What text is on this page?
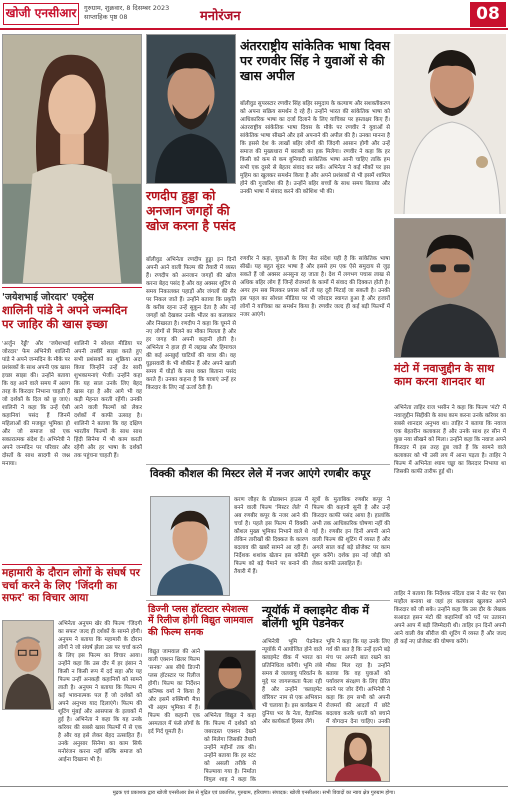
खोजी एनसीआर	गुरुग्राम, शुक्रवार, 8 दिसम्बर 2023
साप्ताहिक पृष्ठ 08	मनोरंजन	08
रणदीप हुड्डा को अनजान जगहों की खोज करना है पसंद
बॉलीवुड अभिनेता रणदीप हुड्डा इन दिनों अपनी आने वाली फिल्म की तैयारी में व्यस्त हैं। रणदीप को अनजान जगहों की खोज करना बेहद पसंद है और वह अक्सर शूटिंग से समय निकालकर पहाड़ों और जंगलों की सैर पर निकल जाते हैं। उन्होंने बताया कि प्रकृति के करीब रहना उन्हें सुकून देता है और नई जगहों को देखकर उनके भीतर का कलाकार और निखरता है। रणदीप ने कहा कि घूमने से नए लोगों से मिलने का मौका मिलता है और हर जगह की अपनी कहानी होती है। अभिनेता ने हाल ही में लद्दाख और हिमाचल की कई अनछुई घाटियों की यात्रा की। वह घुड़सवारी के भी शौकीन हैं और अपने खाली समय में घोड़ों के साथ वक्त बिताना पसंद करते हैं। उनका कहना है कि यात्राएं उन्हें हर किरदार के लिए नई ऊर्जा देती हैं।
अंतरराष्ट्रीय सांकेतिक भाषा दिवस पर रणवीर सिंह ने युवाओं से की खास अपील
बॉलीवुड सुपरस्टार रणवीर सिंह बहिर समुदाय के कल्याण और सशक्तीकरण को अपना सक्रिय समर्थन दे रहे हैं। उन्होंने भारत की सांकेतिक भाषा को आधिकारिक भाषा का दर्जा दिलाने के लिए याचिका पर हस्ताक्षर किए हैं। अंतरराष्ट्रीय सांकेतिक भाषा दिवस के मौके पर रणवीर ने युवाओं से सांकेतिक भाषा सीखने और इसे अपनाने की अपील की है। उनका मानना है कि इससे देश के लाखों बहिर लोगों की जिंदगी आसान होगी और उन्हें समाज की मुख्यधारा में बराबरी का हक मिलेगा। रणवीर ने कहा कि हर किसी को कम से कम बुनियादी सांकेतिक भाषा आनी चाहिए ताकि हम सभी एक दूसरे से बेहतर संवाद कर सकें। अभिनेता ने कई मौकों पर इस मुहिम का खुलकर समर्थन किया है और अपने प्रशंसकों से भी इसमें शामिल होने की गुजारिश की है। उन्होंने बहिर बच्चों के साथ समय बिताया और उनकी भाषा में संवाद करने की कोशिश भी की।
रणवीर ने कहा, युवाओं के लिए मेरा संदेश यही है कि सांकेतिक भाषा सीखें। यह बहुत सुंदर भाषा है और इससे हम एक ऐसे समुदाय से जुड़ सकते हैं जो अक्सर अनसुना रह जाता है। देश में लगभग पचास लाख से अधिक बहिर लोग हैं जिन्हें रोजमर्रा के कामों में संवाद की दिक्कत होती है। अगर हम सब मिलकर प्रयास करें तो यह दूरी मिटाई जा सकती है। उनकी इस पहल का सोशल मीडिया पर भी जोरदार स्वागत हुआ है और हजारों लोगों ने याचिका का समर्थन किया है। रणवीर जल्द ही कई बड़ी फिल्मों में नजर आएंगे।
मंटो में नवाजुद्दीन के साथ काम करना शानदार था
अभिनेता ताहिर राज भसीन ने कहा कि फिल्म 'मंटो' में नवाजुद्दीन सिद्दीकी के साथ काम करना उनके करियर का सबसे शानदार अनुभव था। ताहिर ने बताया कि नवाज एक बेहतरीन कलाकार हैं और उनके साथ हर सीन में कुछ नया सीखने को मिला। उन्होंने कहा कि नवाज अपने किरदार में इस तरह डूब जाते हैं कि सामने वाले कलाकार को भी उसी लय में आना पड़ता है। ताहिर ने फिल्म में अभिनेता श्याम चड्ढा का किरदार निभाया था जिसकी काफी तारीफ हुई थी।
ताहिर ने बताया कि निर्देशक नंदिता दास ने सेट पर ऐसा माहौल बनाया था जहां हर कलाकार खुलकर अपने किरदार को जी सके। उन्होंने कहा कि उस दौर के लेखक सआदत हसन मंटो की कहानियों को पर्दे पर उतारना अपने आप में बड़ी जिम्मेदारी थी। ताहिर इन दिनों अपनी आने वाली वेब सीरीज की शूटिंग में व्यस्त हैं और जल्द ही कई नए प्रोजेक्ट की घोषणा करेंगे।
'जयेशभाई जोरदार' एक्ट्रेस
शालिनी पांडे ने अपने जन्मदिन पर जाहिर की खास इच्छा
'अर्जुन रेड्डी' और 'जयेशभाई जोरदार' फेम अभिनेत्री शालिनी पांडे ने अपने जन्मदिन के मौके पर प्रशंसकों के साथ अपनी एक खास इच्छा साझा की। उन्होंने बताया कि वह आने वाले समय में अलग तरह के किरदार निभाना चाहती हैं जो दर्शकों के दिल को छू जाएं। शालिनी ने कहा कि उन्हें ऐसी कहानियां पसंद हैं जिनमें महिलाओं की मजबूत भूमिका हो और जो समाज को एक सकारात्मक संदेश दें। अभिनेत्री ने अपने जन्मदिन पर परिवार और दोस्तों के साथ सादगी से जश्न मनाया।
शालिनी ने सोशल मीडिया पर अपनी तस्वीरें साझा करते हुए सभी प्रशंसकों का शुक्रिया अदा किया जिन्होंने उन्हें ढेर सारी शुभकामनाएं भेजीं। उन्होंने कहा कि यह साल उनके लिए बेहद खास रहा है और आगे भी वह कड़ी मेहनत करती रहेंगी। उनकी आने वाली फिल्मों को लेकर दर्शकों में काफी उत्साह है। शालिनी ने बताया कि वह दक्षिण भारतीय फिल्मों के साथ साथ हिंदी सिनेमा में भी काम करती रहेंगी और हर भाषा के दर्शकों तक पहुंचना चाहती हैं।
विक्की कौशल की मिस्टर लेले में नजर आएंगे रणबीर कपूर
करण जौहर के प्रोडक्शन हाउस में बनने वाली फिल्म 'मिस्टर लेले' में अब रणबीर कपूर के नजर आने की चर्चा है। पहले इस फिल्म में विक्की कौशल मुख्य भूमिका निभाने वाले थे लेकिन तारीखों की दिक्कत के कारण बदलाव की खबरें सामने आ रही हैं। निर्देशक शशांक खेतान इस कॉमेडी फिल्म को बड़े पैमाने पर बनाने की तैयारी में हैं।
सूत्रों के मुताबिक रणबीर कपूर ने फिल्म की कहानी सुनी है और उन्हें किरदार काफी पसंद आया है। हालांकि अभी तक आधिकारिक घोषणा नहीं की गई है। रणबीर इन दिनों अपनी आने वाली फिल्म की शूटिंग में व्यस्त हैं और अगले साल कई बड़े प्रोजेक्ट पर काम शुरू करेंगे। दर्शक इस नई जोड़ी को लेकर काफी उत्साहित हैं।
महामारी के दौरान लोगों के संघर्ष पर चर्चा करने के लिए 'जिंदगी का सफर' का विचार आया
अभिनेता अनुपम खेर की फिल्म 'जिंदगी का सफर' जल्द ही दर्शकों के सामने होगी। अनुपम ने बताया कि महामारी के दौरान लोगों ने जो संघर्ष झेला उस पर चर्चा करने के लिए इस फिल्म का विचार आया। उन्होंने कहा कि उस दौर में हर इंसान ने किसी न किसी रूप में दर्द सहा और यह फिल्म उन्हीं अनकही कहानियों को सामने लाती है। अनुपम ने बताया कि फिल्म में कई भावनात्मक पल हैं जो दर्शकों को अपने अनुभव याद दिलाएंगे। फिल्म की शूटिंग मुंबई और आसपास के इलाकों में हुई है। अभिनेता ने कहा कि यह उनके करियर की सबसे खास फिल्मों में से एक है और वह इसे लेकर बेहद उत्साहित हैं। उनके अनुसार सिनेमा का काम सिर्फ मनोरंजन करना नहीं बल्कि समाज को आईना दिखाना भी है।
डिज्नी प्लस हॉटस्टार स्पेशल्स में रिलीज होगी विद्युत जामवाल की फिल्म सनक
विद्युत जामवाल की आने वाली एक्शन थ्रिलर फिल्म 'सनक' अब सीधे डिज्नी प्लस हॉटस्टार पर रिलीज होगी। फिल्म का निर्देशन कनिष्क वर्मा ने किया है और इसमें रुक्मिणी मैत्रा भी अहम भूमिका में हैं। फिल्म की कहानी एक अस्पताल में फंसे लोगों के इर्द गिर्द घूमती है।
अभिनेता विद्युत ने कहा कि फिल्म में दर्शकों को जबरदस्त एक्शन देखने को मिलेगा जिसकी तैयारी उन्होंने महीनों तक की। उन्होंने बताया कि हर स्टंट को असली तरीके से फिल्माया गया है। निर्माता विपुल शाह ने कहा कि
न्यूयॉर्क में क्लाइमेट वीक में बोलेंगी भूमि पेडनेकर
अभिनेत्री भूमि पेडनेकर न्यूयॉर्क में आयोजित होने वाले क्लाइमेट वीक में भारत का प्रतिनिधित्व करेंगी। भूमि लंबे समय से जलवायु परिवर्तन के मुद्दे पर जागरूकता फैला रही हैं और उन्होंने 'क्लाइमेट वॉरियर' नाम से एक अभियान भी चलाया है। इस कार्यक्रम में दुनिया भर के नेता, वैज्ञानिक और कार्यकर्ता हिस्सा लेंगे।
भूमि ने कहा कि यह उनके लिए गर्व की बात है कि उन्हें इतने बड़े मंच पर अपनी बात रखने का मौका मिल रहा है। उन्होंने बताया कि वह युवाओं को पर्यावरण संरक्षण के लिए प्रेरित करने पर जोर देंगी। अभिनेत्री ने कहा कि हम सभी को अपनी रोजमर्रा की आदतों में छोटे बदलाव करके धरती को बचाने में योगदान देना चाहिए। उनकी
मुद्रक एवं प्रकाशक द्वारा खोजी एनसीआर प्रेस से मुद्रित एवं प्रकाशित, गुरुग्राम, हरियाणा। संपादक: खोजी एनसीआर। सभी विवादों का न्याय क्षेत्र गुरुग्राम होगा।
